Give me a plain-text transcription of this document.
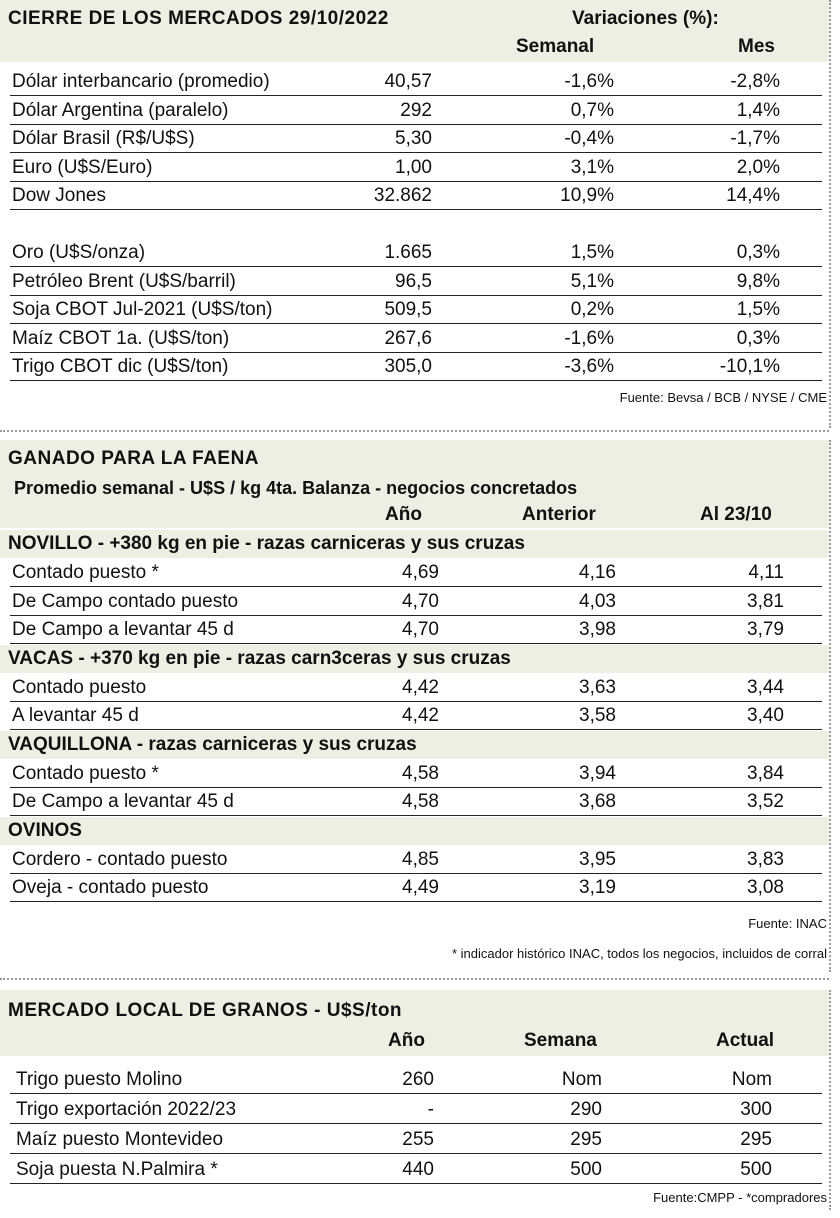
CIERRE DE LOS MERCADOS 29/10/2022	Variaciones (%):
Semanal	Mes
Dólar interbancario (promedio)	40,57	-1,6%	-2,8%
Dólar Argentina (paralelo)	292	0,7%	1,4%
Dólar Brasil (R$/U$S)	5,30	-0,4%	-1,7%
Euro (U$S/Euro)	1,00	3,1%	2,0%
Dow Jones	32.862	10,9%	14,4%
Oro (U$S/onza)	1.665	1,5%	0,3%
Petróleo Brent (U$S/barril)	96,5	5,1%	9,8%
Soja CBOT Jul-2021 (U$S/ton)	509,5	0,2%	1,5%
Maíz CBOT 1a. (U$S/ton)	267,6	-1,6%	0,3%
Trigo CBOT dic (U$S/ton)	305,0	-3,6%	-10,1%
Fuente: Bevsa / BCB / NYSE / CME
GANADO PARA LA FAENA
Promedio semanal - U$S / kg 4ta. Balanza - negocios concretados
Año	Anterior	Al 23/10
NOVILLO - +380 kg en pie - razas carniceras y sus cruzas
Contado puesto *	4,69	4,16	4,11
De Campo contado puesto	4,70	4,03	3,81
De Campo a levantar 45 d	4,70	3,98	3,79
VACAS - +370 kg en pie - razas carn3ceras y sus cruzas
Contado puesto	4,42	3,63	3,44
A levantar 45 d	4,42	3,58	3,40
VAQUILLONA - razas carniceras y sus cruzas
Contado puesto *	4,58	3,94	3,84
De Campo a levantar 45 d	4,58	3,68	3,52
OVINOS
Cordero - contado puesto	4,85	3,95	3,83
Oveja - contado puesto	4,49	3,19	3,08
Fuente: INAC
* indicador histórico INAC, todos los negocios, incluidos de corral
MERCADO LOCAL DE GRANOS - U$S/ton
Año	Semana	Actual
Trigo puesto Molino	260	Nom	Nom
Trigo exportación 2022/23	-	290	300
Maíz puesto Montevideo	255	295	295
Soja puesta N.Palmira *	440	500	500
Fuente:CMPP - *compradores
